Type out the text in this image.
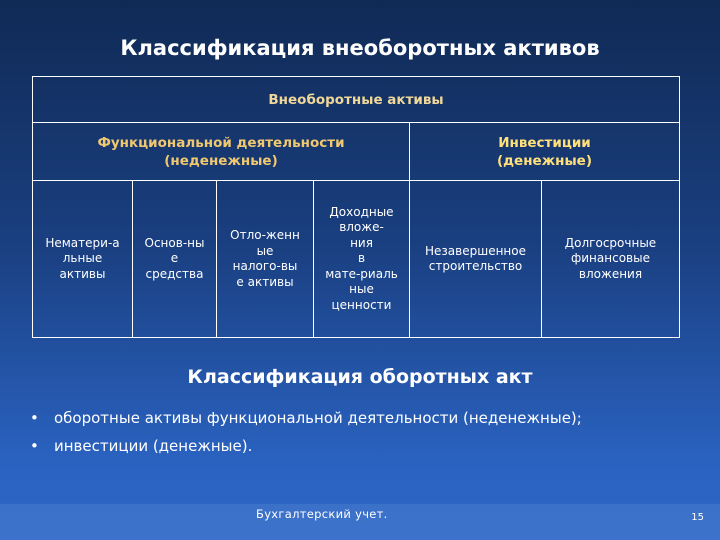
Классификация внеоборотных активов
Внеоборотные активы
Функциональной деятельности
(неденежные)
Инвестиции
(денежные)
Нематери-а
льные
активы
Основ-ны
е
средства
Отло-женн
ые
налого-вы
е активы
Доходные
вложе-
ния
в
мате-риаль
ные
ценности
Незавершенное
строительство
Долгосрочные
финансовые
вложения
Классификация оборотных акт
• оборотные активы функциональной деятельности (неденежные);
• инвестиции (денежные).
Бухгалтерский учет.	15
